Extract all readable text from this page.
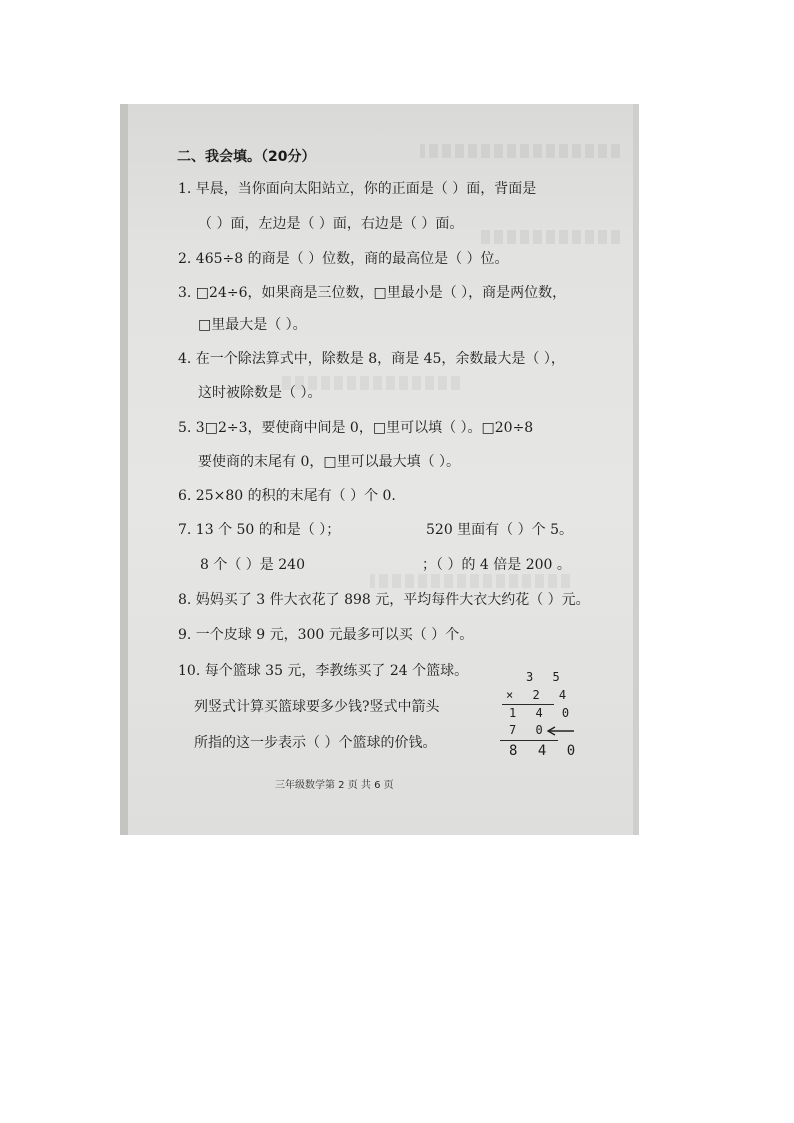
二、我会填。（20分）
1. 早晨，当你面向太阳站立，你的正面是（ ）面，背面是
（ ）面，左边是（ ）面，右边是（ ）面。
2. 465÷8 的商是（ ）位数，商的最高位是（ ）位。
3. □24÷6，如果商是三位数，□里最小是（ ），商是两位数，
□里最大是（ ）。
4. 在一个除法算式中，除数是 8，商是 45，余数最大是（ ），
这时被除数是（ ）。
5. 3□2÷3，要使商中间是 0，□里可以填（ ）。□20÷8
要使商的末尾有 0，□里可以最大填（ ）。
6. 25×80 的积的末尾有（ ）个 0.
7. 13 个 50 的和是（ ）；	520 里面有（ ）个 5。
8 个（ ）是 240	；（ ）的 4 倍是 200 。
8. 妈妈买了 3 件大衣花了 898 元，平均每件大衣大约花（ ）元。
9. 一个皮球 9 元，300 元最多可以买（ ）个。
10. 每个篮球 35 元，李教练买了 24 个篮球。
列竖式计算买篮球要多少钱?竖式中箭头
所指的这一步表示（ ）个篮球的价钱。
3 5
× 2 4
1 4 0
7 0
8 4 0
三年级数学第 2 页 共 6 页
